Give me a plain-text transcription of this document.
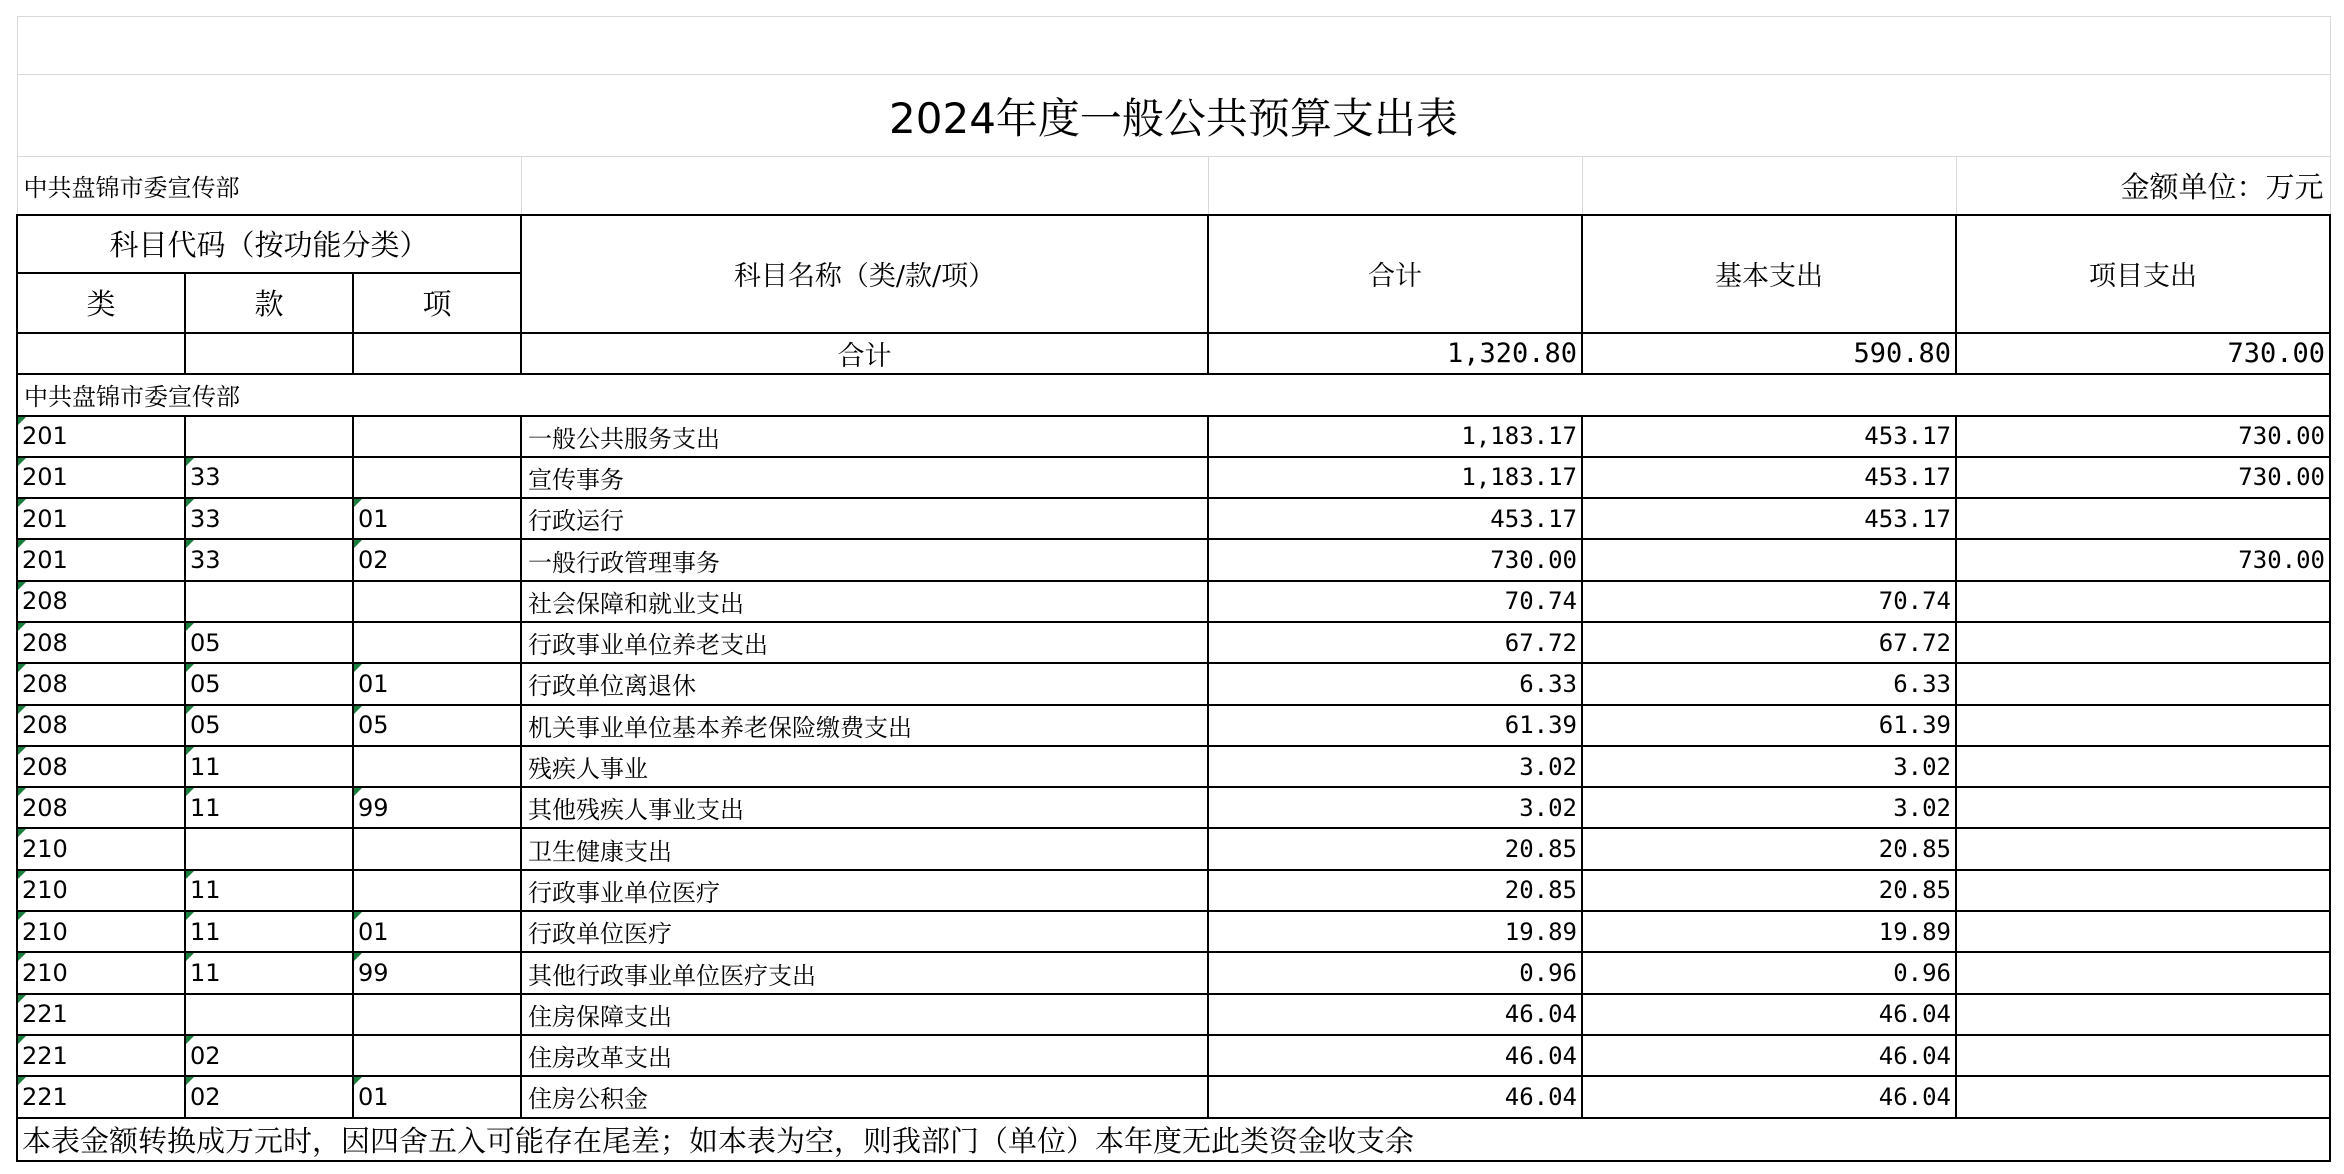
2024年度一般公共预算支出表						
中共盘锦市委宣传部						金额单位：万元
科目代码（按功能分类）			科目名称（类/款/项）	合计	基本支出	项目支出
类	款	项				
			合计	1,320.80	590.80	730.00
中共盘锦市委宣传部						
201			一般公共服务支出	1,183.17	453.17	730.00
201	33		宣传事务	1,183.17	453.17	730.00
201	33	01	行政运行	453.17	453.17	
201	33	02	一般行政管理事务	730.00		730.00
208			社会保障和就业支出	70.74	70.74	
208	05		行政事业单位养老支出	67.72	67.72	
208	05	01	行政单位离退休	6.33	6.33	
208	05	05	机关事业单位基本养老保险缴费支出	61.39	61.39	
208	11		残疾人事业	3.02	3.02	
208	11	99	其他残疾人事业支出	3.02	3.02	
210			卫生健康支出	20.85	20.85	
210	11		行政事业单位医疗	20.85	20.85	
210	11	01	行政单位医疗	19.89	19.89	
210	11	99	其他行政事业单位医疗支出	0.96	0.96	
221			住房保障支出	46.04	46.04	
221	02		住房改革支出	46.04	46.04	
221	02	01	住房公积金	46.04	46.04	
本表金额转换成万元时，因四舍五入可能存在尾差；如本表为空，则我部门（单位）本年度无此类资金收支余						
